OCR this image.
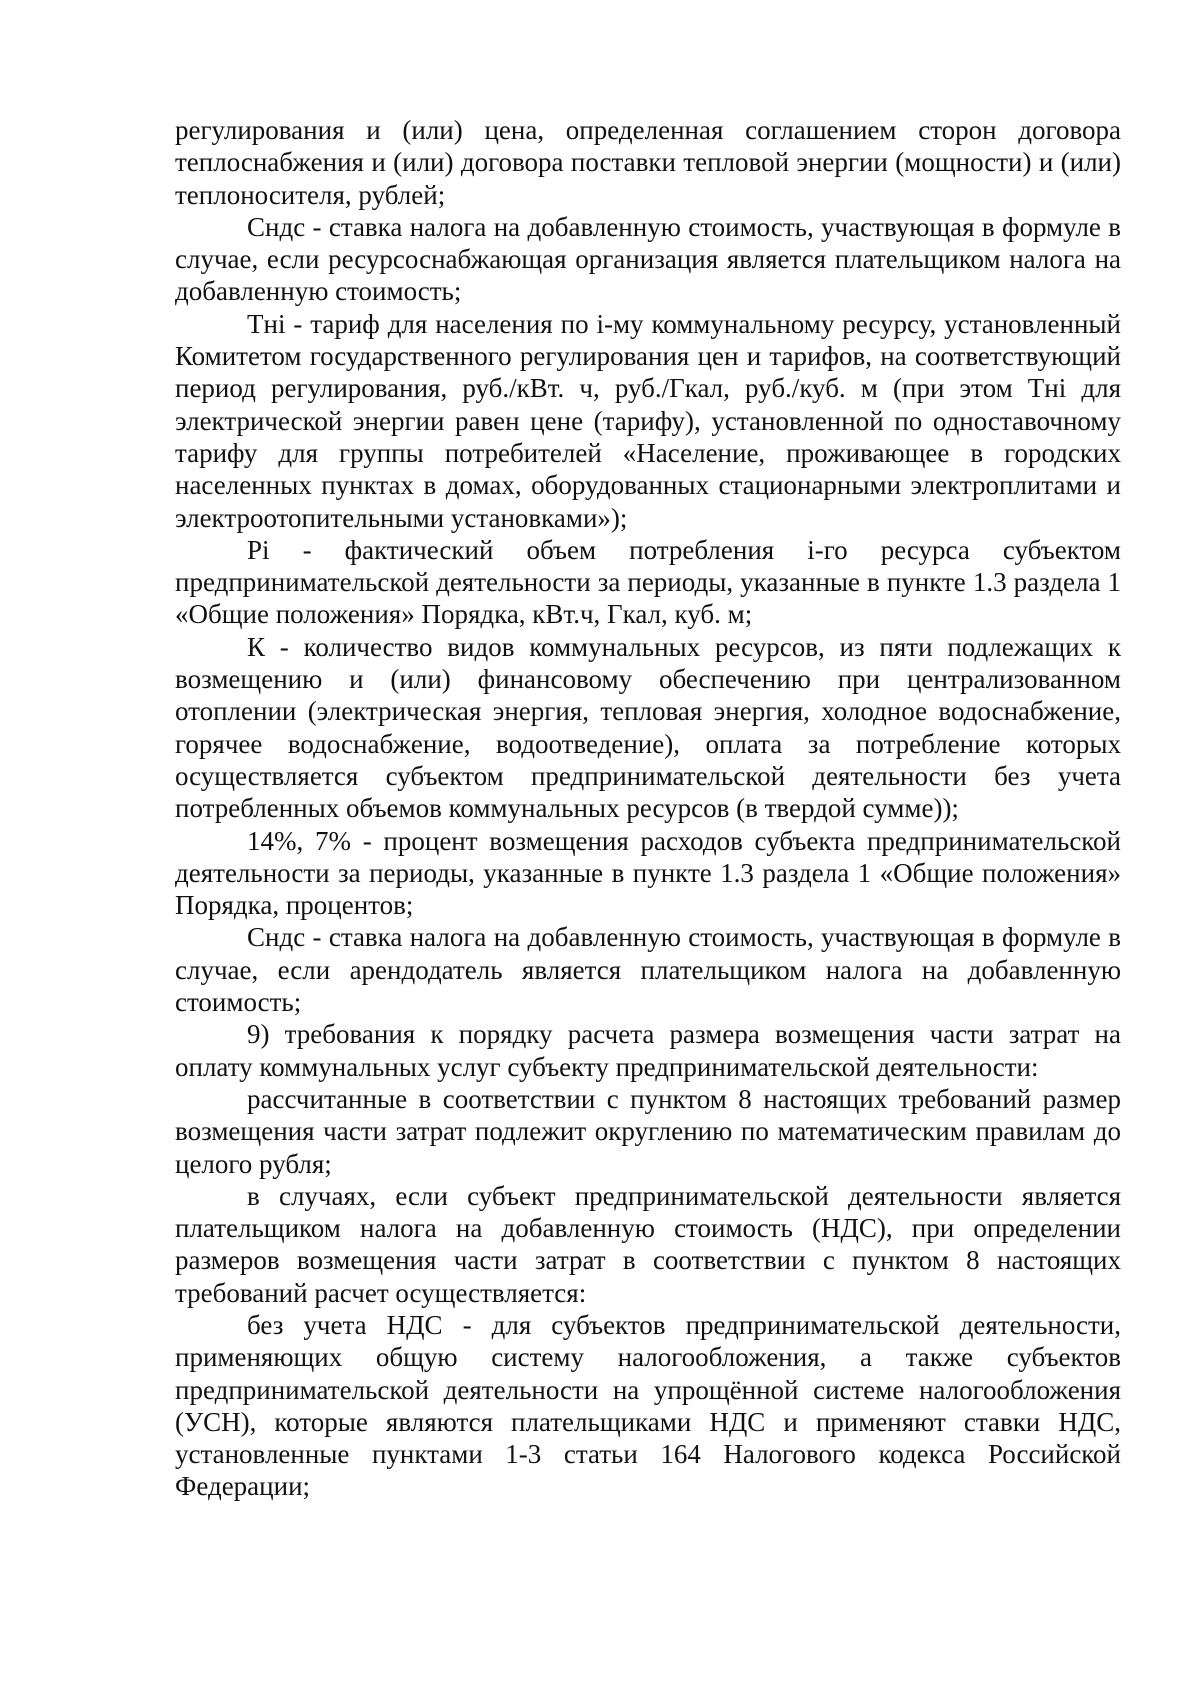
регулирования и (или) цена, определенная соглашением сторон договора теплоснабжения и (или) договора поставки тепловой энергии (мощности) и (или) теплоносителя, рублей;

Сндс - ставка налога на добавленную стоимость, участвующая в формуле в случае, если ресурсоснабжающая организация является плательщиком налога на добавленную стоимость;

Тнi - тариф для населения по i-му коммунальному ресурсу, установленный Комитетом государственного регулирования цен и тарифов, на соответствующий период регулирования, руб./кВт. ч, руб./Гкал, руб./куб. м (при этом Тнi для электрической энергии равен цене (тарифу), установленной по одноставочному тарифу для группы потребителей «Население, проживающее в городских населенных пунктах в домах, оборудованных стационарными электроплитами и электроотопительными установками»);

Рi - фактический объем потребления i-го ресурса субъектом предпринимательской деятельности за периоды, указанные в пункте 1.3 раздела 1 «Общие положения» Порядка, кВт.ч, Гкал, куб. м;

К - количество видов коммунальных ресурсов, из пяти подлежащих к возмещению и (или) финансовому обеспечению при централизованном отоплении (электрическая энергия, тепловая энергия, холодное водоснабжение, горячее водоснабжение, водоотведение), оплата за потребление которых осуществляется субъектом предпринимательской деятельности без учета потребленных объемов коммунальных ресурсов (в твердой сумме));

14%, 7% - процент возмещения расходов субъекта предпринимательской деятельности за периоды, указанные в пункте 1.3 раздела 1 «Общие положения» Порядка, процентов;

Сндс - ставка налога на добавленную стоимость, участвующая в формуле в случае, если арендодатель является плательщиком налога на добавленную стоимость;

9) требования к порядку расчета размера возмещения части затрат на оплату коммунальных услуг субъекту предпринимательской деятельности:

рассчитанные в соответствии с пунктом 8 настоящих требований размер возмещения части затрат подлежит округлению по математическим правилам до целого рубля;

в случаях, если субъект предпринимательской деятельности является плательщиком налога на добавленную стоимость (НДС), при определении размеров возмещения части затрат в соответствии с пунктом 8 настоящих требований расчет осуществляется:

без учета НДС - для субъектов предпринимательской деятельности, применяющих общую систему налогообложения, а также субъектов предпринимательской деятельности на упрощённой системе налогообложения (УСН), которые являются плательщиками НДС и применяют ставки НДС, установленные пунктами 1-3 статьи 164 Налогового кодекса Российской Федерации;
